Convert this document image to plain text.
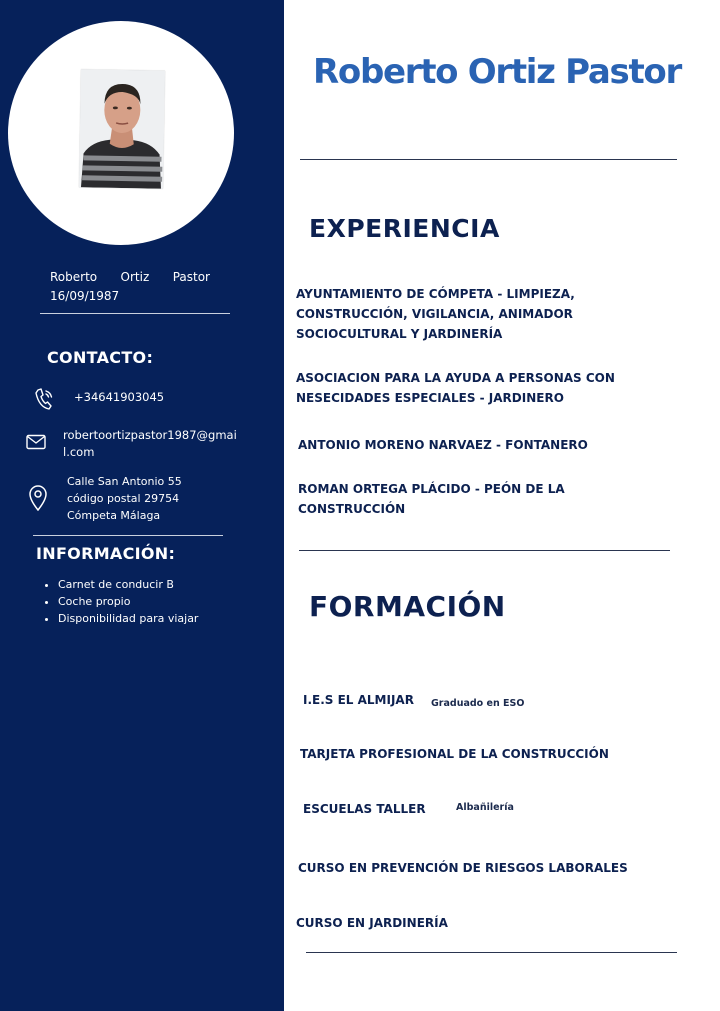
Roberto Ortiz Pastor
16/09/1987
CONTACTO:
+34641903045
robertoortizpastor1987@gmai
l.com
Calle San Antonio 55
código postal 29754
Cómpeta Málaga
INFORMACIÓN:
• Carnet de conducir B
• Coche propio
• Disponibilidad para viajar
Roberto Ortiz Pastor
EXPERIENCIA
AYUNTAMIENTO DE CÓMPETA - LIMPIEZA,
CONSTRUCCIÓN, VIGILANCIA, ANIMADOR
SOCIOCULTURAL Y JARDINERÍA
ASOCIACION PARA LA AYUDA A PERSONAS CON
NESECIDADES ESPECIALES - JARDINERO
ANTONIO MORENO NARVAEZ - FONTANERO
ROMAN ORTEGA PLÁCIDO - PEÓN DE LA
CONSTRUCCIÓN
FORMACIÓN
I.E.S EL ALMIJAR Graduado en ESO
TARJETA PROFESIONAL DE LA CONSTRUCCIÓN
ESCUELAS TALLER	Albañilería
CURSO EN PREVENCIÓN DE RIESGOS LABORALES
CURSO EN JARDINERÍA
